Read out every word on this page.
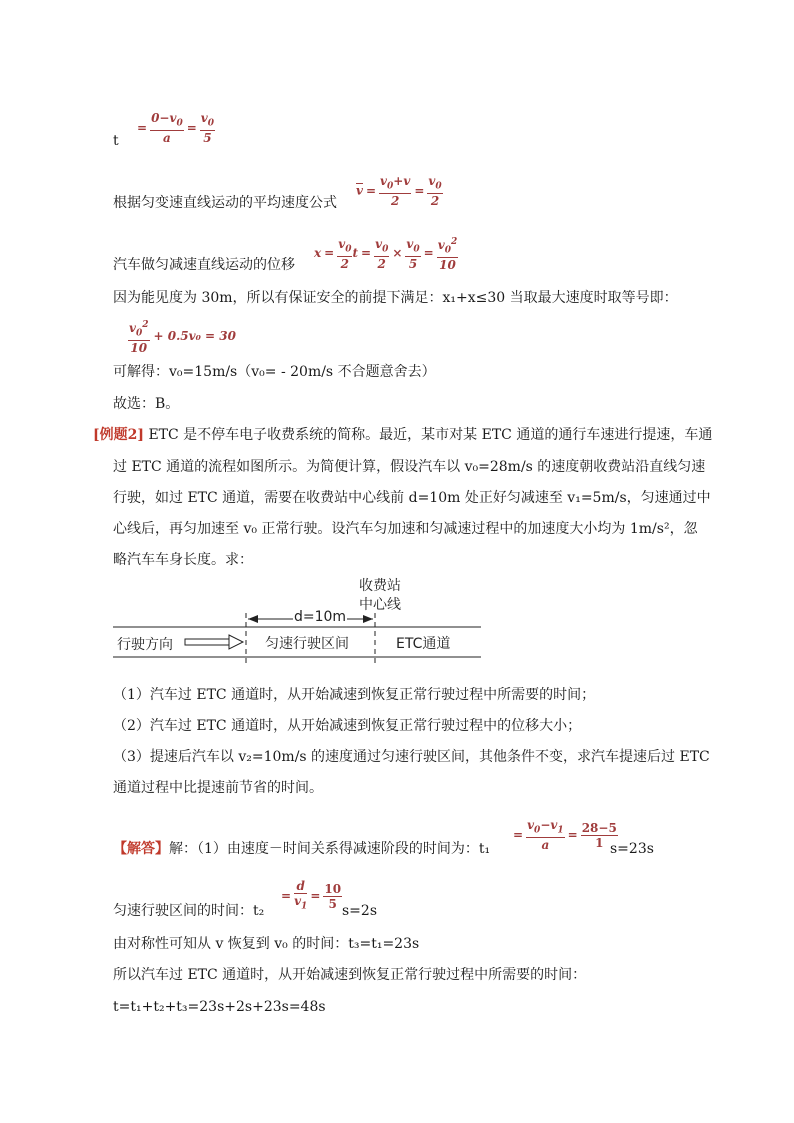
= $\frac{0-v_0}{a} = \frac{v_0}{5}$
t
$\overline{v} = \frac{v_0+v}{2} = \frac{v_0}{2}$
根据匀变速直线运动的平均速度公式
$x = \frac{v_0}{2}$ $t = \frac{v_0}{2} \times \frac{v_0}{5} = \frac{v_0^2}{10}$
汽车做匀减速直线运动的位移
因为能见度为 30m，所以有保证安全的前提下满足：x₁+x≤30 当取最大速度时取等号即：
$\frac{v_0^2}{10} + 0.5v_0 = 30$
可解得：v₀=15m/s（v₀= - 20m/s 不合题意舍去）
故选：B。
[例题2] ETC 是不停车电子收费系统的简称。最近，某市对某 ETC 通道的通行车速进行提速，车通
过 ETC 通道的流程如图所示。为简便计算，假设汽车以 v₀=28m/s 的速度朝收费站沿直线匀速
行驶，如过 ETC 通道，需要在收费站中心线前 d=10m 处正好匀减速至 v₁=5m/s，匀速通过中
心线后，再匀加速至 v₀ 正常行驶。设汽车匀加速和匀减速过程中的加速度大小均为 1m/s²，忽
略汽车车身长度。求：
收费站
中心线
d=10m
行驶方向	匀速行驶区间	ETC通道
（1）汽车过 ETC 通道时，从开始减速到恢复正常行驶过程中所需要的时间；
（2）汽车过 ETC 通道时，从开始减速到恢复正常行驶过程中的位移大小；
（3）提速后汽车以 v₂=10m/s 的速度通过匀速行驶区间，其他条件不变，求汽车提速后过 ETC
通道过程中比提速前节省的时间。
【解答】解：（1）由速度－时间关系得减速阶段的时间为：t₁
= $\frac{v_0-v_1}{a} = \frac{28-5}{1}$
s=23s
= $\frac{d}{v_1} = \frac{10}{5}$
匀速行驶区间的时间：t₂	s=2s
由对称性可知从 v 恢复到 v₀ 的时间：t₃=t₁=23s
所以汽车过 ETC 通道时，从开始减速到恢复正常行驶过程中所需要的时间：
t=t₁+t₂+t₃=23s+2s+23s=48s
